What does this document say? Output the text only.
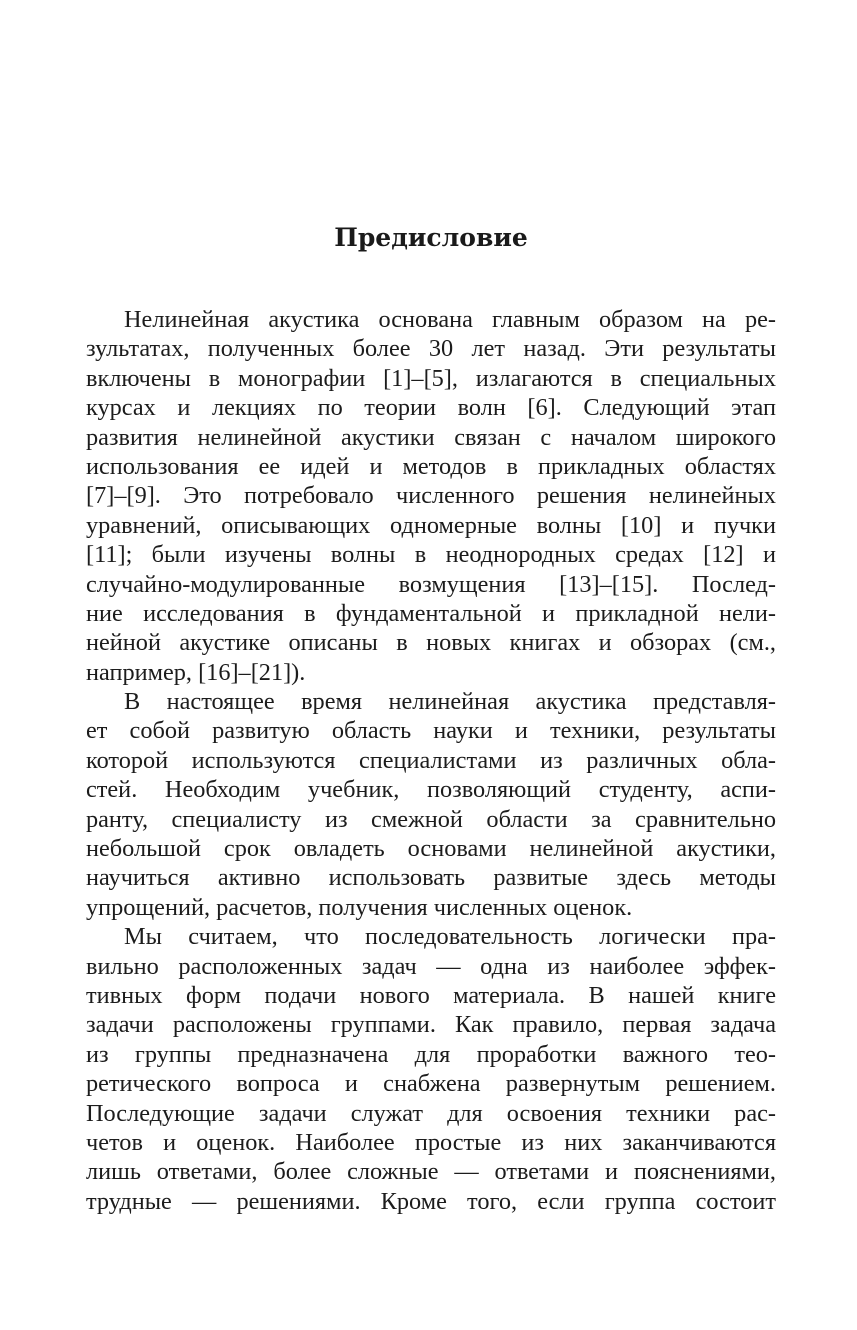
Предисловие
Нелинейная акустика основана главным образом на ре-
зультатах, полученных более 30 лет назад. Эти результаты
включены в монографии [1]–[5], излагаются в специальных
курсах и лекциях по теории волн [6]. Следующий этап
развития нелинейной акустики связан с началом широкого
использования ее идей и методов в прикладных областях
[7]–[9]. Это потребовало численного решения нелинейных
уравнений, описывающих одномерные волны [10] и пучки
[11]; были изучены волны в неоднородных средах [12] и
случайно-модулированные возмущения [13]–[15]. Послед-
ние исследования в фундаментальной и прикладной нели-
нейной акустике описаны в новых книгах и обзорах (см.,
например, [16]–[21]).
В настоящее время нелинейная акустика представля-
ет собой развитую область науки и техники, результаты
которой используются специалистами из различных обла-
стей. Необходим учебник, позволяющий студенту, аспи-
ранту, специалисту из смежной области за сравнительно
небольшой срок овладеть основами нелинейной акустики,
научиться активно использовать развитые здесь методы
упрощений, расчетов, получения численных оценок.
Мы считаем, что последовательность логически пра-
вильно расположенных задач — одна из наиболее эффек-
тивных форм подачи нового материала. В нашей книге
задачи расположены группами. Как правило, первая задача
из группы предназначена для проработки важного тео-
ретического вопроса и снабжена развернутым решением.
Последующие задачи служат для освоения техники рас-
четов и оценок. Наиболее простые из них заканчиваются
лишь ответами, более сложные — ответами и пояснениями,
трудные — решениями. Кроме того, если группа состоит
